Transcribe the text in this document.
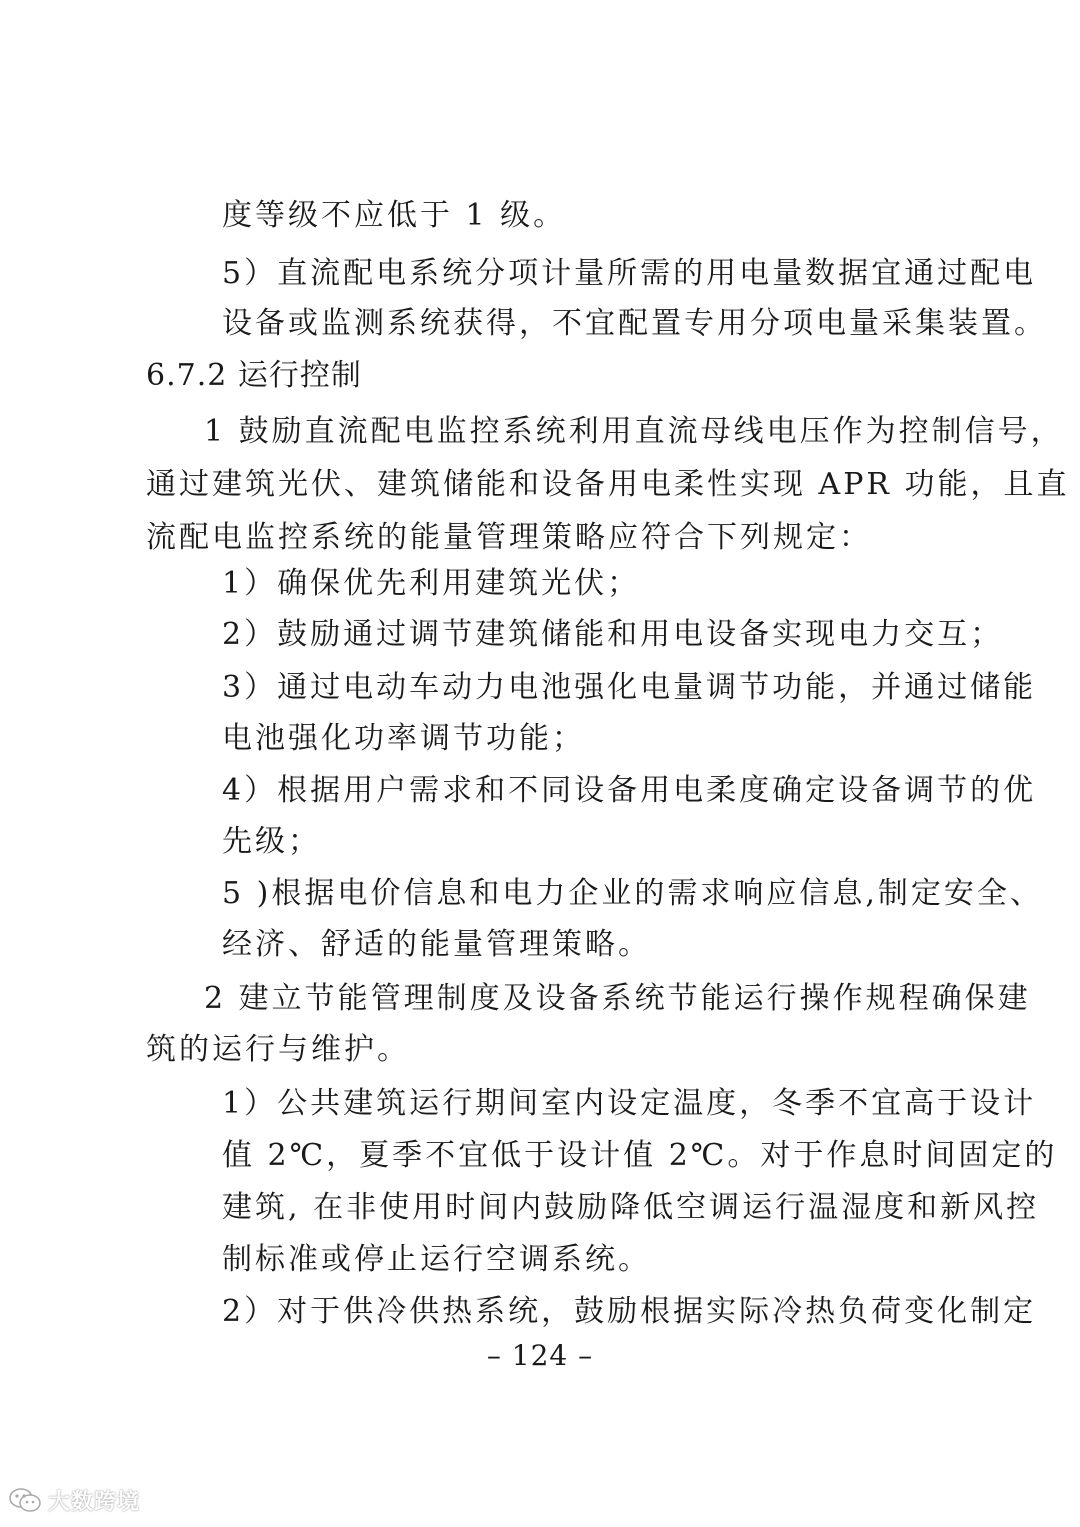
度等级不应低于 1 级。
5）直流配电系统分项计量所需的用电量数据宜通过配电
设备或监测系统获得，不宜配置专用分项电量采集装置。
6.7.2 运行控制
1 鼓励直流配电监控系统利用直流母线电压作为控制信号，
通过建筑光伏、建筑储能和设备用电柔性实现 APR 功能，且直
流配电监控系统的能量管理策略应符合下列规定：
1）确保优先利用建筑光伏；
2）鼓励通过调节建筑储能和用电设备实现电力交互；
3）通过电动车动力电池强化电量调节功能，并通过储能
电池强化功率调节功能；
4）根据用户需求和不同设备用电柔度确定设备调节的优
先级；
5 )根据电价信息和电力企业的需求响应信息,制定安全、
经济、舒适的能量管理策略。
2 建立节能管理制度及设备系统节能运行操作规程确保建
筑的运行与维护。
1）公共建筑运行期间室内设定温度，冬季不宜高于设计
值 2℃，夏季不宜低于设计值 2℃。对于作息时间固定的
建筑, 在非使用时间内鼓励降低空调运行温湿度和新风控
制标准或停止运行空调系统。
2）对于供冷供热系统，鼓励根据实际冷热负荷变化制定
– 124 –
大数跨境
